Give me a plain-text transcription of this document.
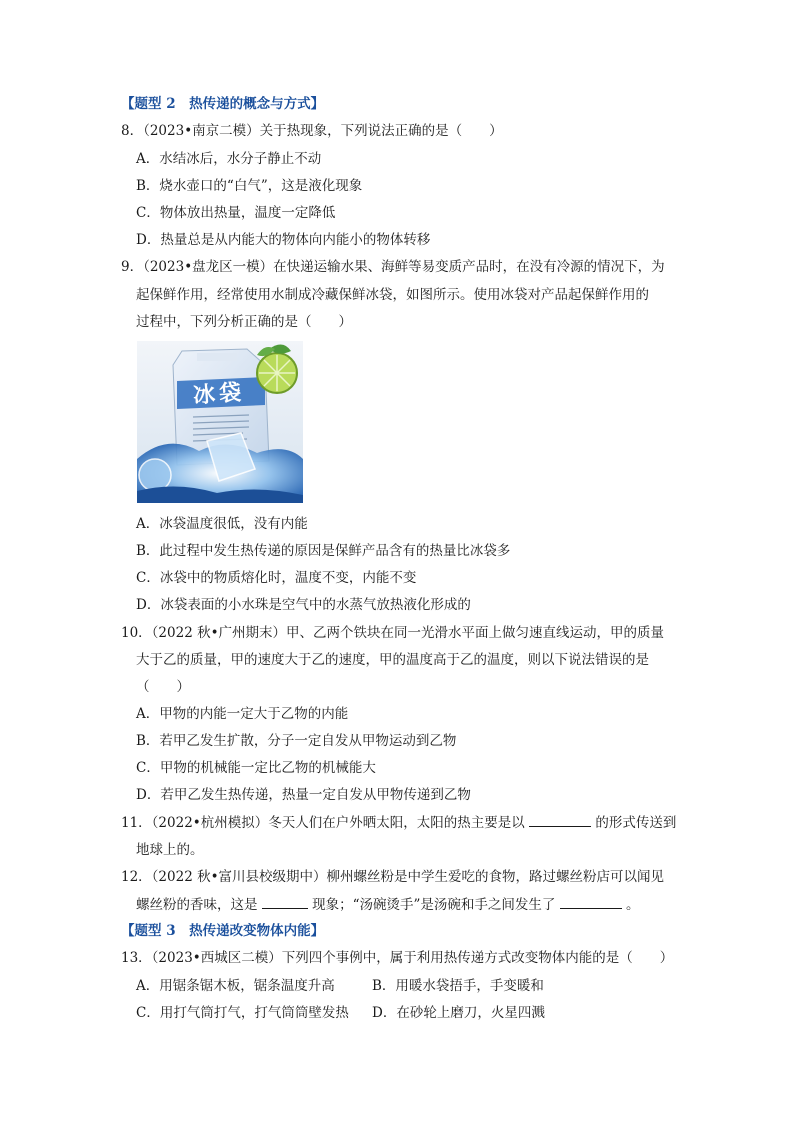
【题型 2　热传递的概念与方式】
8．（2023•南京二模）关于热现象，下列说法正确的是（　　）
A．水结冰后，水分子静止不动
B．烧水壶口的“白气”，这是液化现象
C．物体放出热量，温度一定降低
D．热量总是从内能大的物体向内能小的物体转移
9．（2023•盘龙区一模）在快递运输水果、海鲜等易变质产品时，在没有冷源的情况下，为
起保鲜作用，经常使用水制成冷藏保鲜冰袋，如图所示。使用冰袋对产品起保鲜作用的
过程中，下列分析正确的是（　　）
冰袋
A．冰袋温度很低，没有内能
B．此过程中发生热传递的原因是保鲜产品含有的热量比冰袋多
C．冰袋中的物质熔化时，温度不变，内能不变
D．冰袋表面的小水珠是空气中的水蒸气放热液化形成的
10．（2022 秋•广州期末）甲、乙两个铁块在同一光滑水平面上做匀速直线运动，甲的质量
大于乙的质量，甲的速度大于乙的速度，甲的温度高于乙的温度，则以下说法错误的是
（　　）
A．甲物的内能一定大于乙物的内能
B．若甲乙发生扩散，分子一定自发从甲物运动到乙物
C．甲物的机械能一定比乙物的机械能大
D．若甲乙发生热传递，热量一定自发从甲物传递到乙物
11．（2022•杭州模拟）冬天人们在户外晒太阳，太阳的热主要是以	的形式传送到
地球上的。
12．（2022 秋•富川县校级期中）柳州螺丝粉是中学生爱吃的食物，路过螺丝粉店可以闻见
螺丝粉的香味，这是	现象；“汤碗烫手”是汤碗和手之间发生了	。
【题型 3　热传递改变物体内能】
13．（2023•西城区二模）下列四个事例中，属于利用热传递方式改变物体内能的是（　　）
A．用锯条锯木板，锯条温度升高	B．用暖水袋捂手，手变暖和
C．用打气筒打气，打气筒筒壁发热 D．在砂轮上磨刀，火星四溅
